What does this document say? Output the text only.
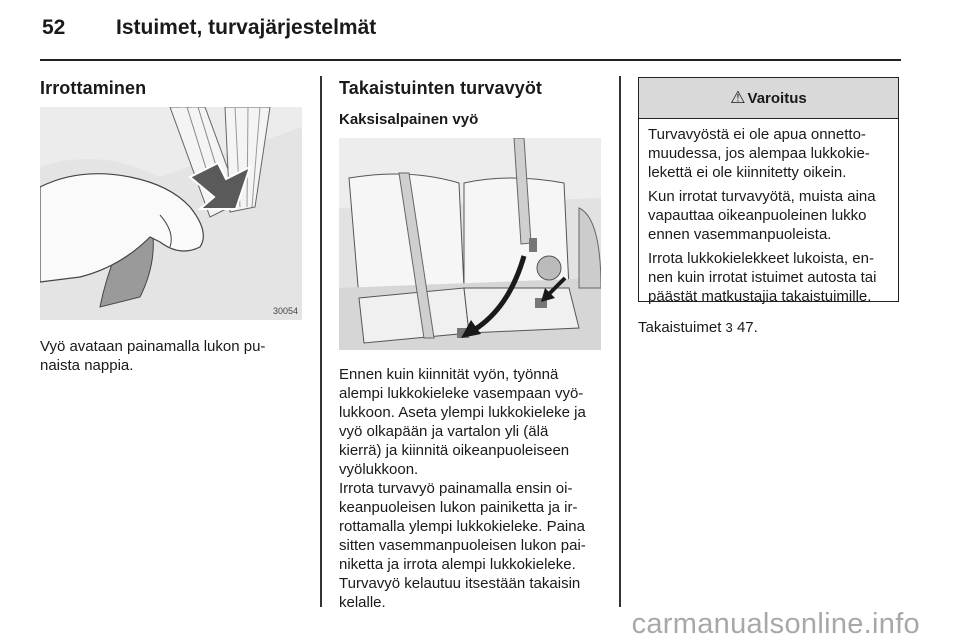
52 Istuimet, turvajärjestelmät
Irrottaminen
30054
Vyö avataan painamalla lukon pu-
naista nappia.
Takaistuinten turvavyöt
Kaksisalpainen vyö
Ennen kuin kiinnität vyön, työnnä
alempi lukkokieleke vasempaan vyö-
lukkoon. Aseta ylempi lukkokieleke ja
vyö olkapään ja vartalon yli (älä
kierrä) ja kiinnitä oikeanpuoleiseen
vyölukkoon.
Irrota turvavyö painamalla ensin oi-
keanpuoleisen lukon painiketta ja ir-
rottamalla ylempi lukkokieleke. Paina
sitten vasemmanpuoleisen lukon pai-
niketta ja irrota alempi lukkokieleke.
Turvavyö kelautuu itsestään takaisin
kelalle.
⚠ Varoitus
Turvavyöstä ei ole apua onnetto-
muudessa, jos alempaa lukkokie-
lekettä ei ole kiinnitetty oikein.
Kun irrotat turvavyötä, muista aina
vapauttaa oikeanpuoleinen lukko
ennen vasemmanpuoleista.
Irrota lukkokielekkeet lukoista, en-
nen kuin irrotat istuimet autosta tai
päästät matkustajia takaistuimille.
Takaistuimet 3 47.
carmanualsonline.info
